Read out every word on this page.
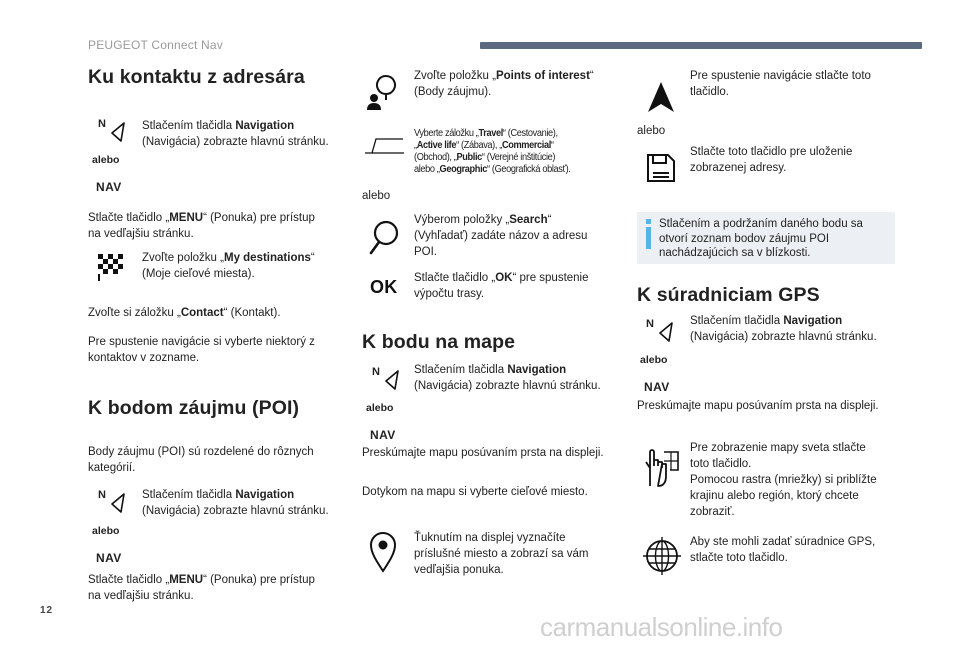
PEUGEOT Connect Nav
Ku kontaktu z adresára
N
alebo
NAV
Stlačením tlačidla Navigation
(Navigácia) zobrazte hlavnú stránku.
Stlačte tlačidlo „MENU“ (Ponuka) pre prístup
na vedľajšiu stránku.
Zvoľte položku „My destinations“
(Moje cieľové miesta).
Zvoľte si záložku „Contact“ (Kontakt).
Pre spustenie navigácie si vyberte niektorý z kontaktov v zozname.
K bodom záujmu (POI)
Body záujmu (POI) sú rozdelené do rôznych kategórií.
N
alebo
NAV
Stlačením tlačidla Navigation
(Navigácia) zobrazte hlavnú stránku.
Stlačte tlačidlo „MENU“ (Ponuka) pre prístup
na vedľajšiu stránku.
Zvoľte položku „Points of interest“
(Body záujmu).
Vyberte záložku „Travel“ (Cestovanie),
„Active life“ (Zábava), „Commercial“
(Obchod), „Public“ (Verejné inštitúcie)
alebo „Geographic“ (Geografická oblasť).
alebo
Výberom položky „Search“
(Vyhľadať) zadáte názov a adresu
POI.
OK Stlačte tlačidlo „OK“ pre spustenie
výpočtu trasy.
K bodu na mape
N
alebo
NAV
Stlačením tlačidla Navigation
(Navigácia) zobrazte hlavnú stránku.
Preskúmajte mapu posúvaním prsta na displeji.
Dotykom na mapu si vyberte cieľové miesto.
Ťuknutím na displej vyznačíte
príslušné miesto a zobrazí sa vám
vedľajšia ponuka.
Pre spustenie navigácie stlačte toto
tlačidlo.
alebo
Stlačte toto tlačidlo pre uloženie
zobrazenej adresy.
Stlačením a podržaním daného bodu sa otvorí zoznam bodov záujmu POI nachádzajúcich sa v blízkosti.
K súradniciam GPS
N
alebo
NAV
Stlačením tlačidla Navigation
(Navigácia) zobrazte hlavnú stránku.
Preskúmajte mapu posúvaním prsta na displeji.
Pre zobrazenie mapy sveta stlačte
toto tlačidlo.
Pomocou rastra (mriežky) si priblížte
krajinu alebo región, ktorý chcete
zobraziť.
Aby ste mohli zadať súradnice GPS,
stlačte toto tlačidlo.
12
carmanualsonline.info
